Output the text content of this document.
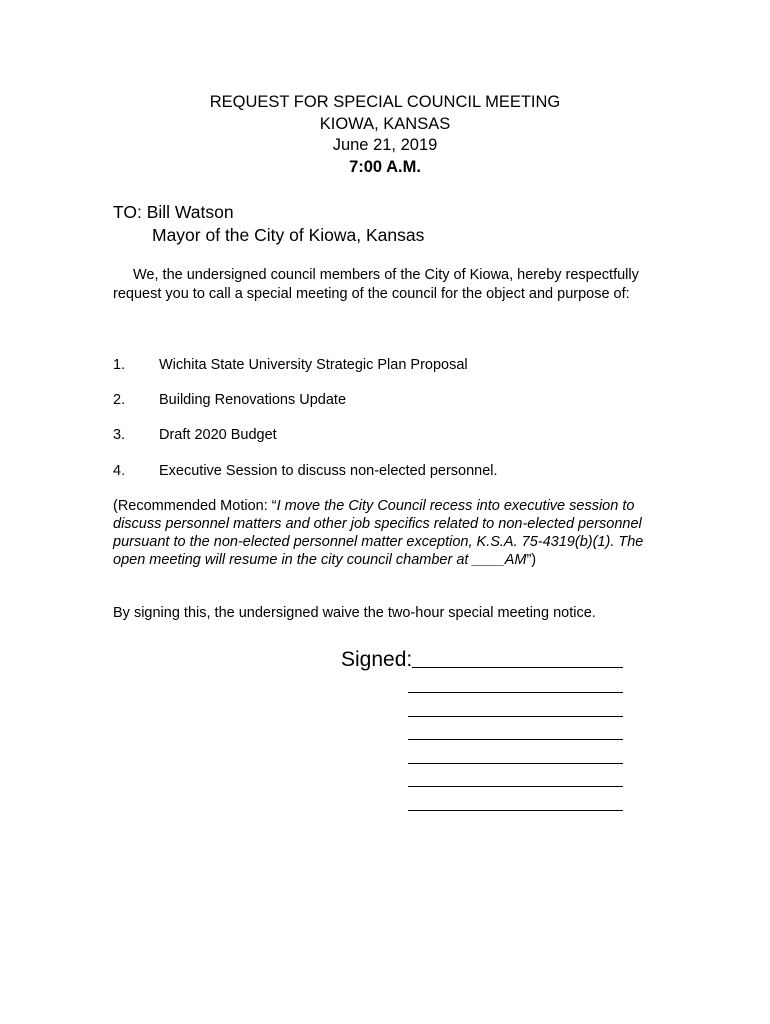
REQUEST FOR SPECIAL COUNCIL MEETING
KIOWA, KANSAS
June 21, 2019
7:00 A.M.
TO: Bill Watson
Mayor of the City of Kiowa, Kansas
We, the undersigned council members of the City of Kiowa, hereby respectfully request you to call a special meeting of the council for the object and purpose of:
1. Wichita State University Strategic Plan Proposal
2. Building Renovations Update
3. Draft 2020 Budget
4. Executive Session to discuss non-elected personnel.
(Recommended Motion: “I move the City Council recess into executive session to discuss personnel matters and other job specifics related to non-elected personnel pursuant to the non-elected personnel matter exception, K.S.A. 75-4319(b)(1). The open meeting will resume in the city council chamber at ____AM”)
By signing this, the undersigned waive the two-hour special meeting notice.
Signed:
